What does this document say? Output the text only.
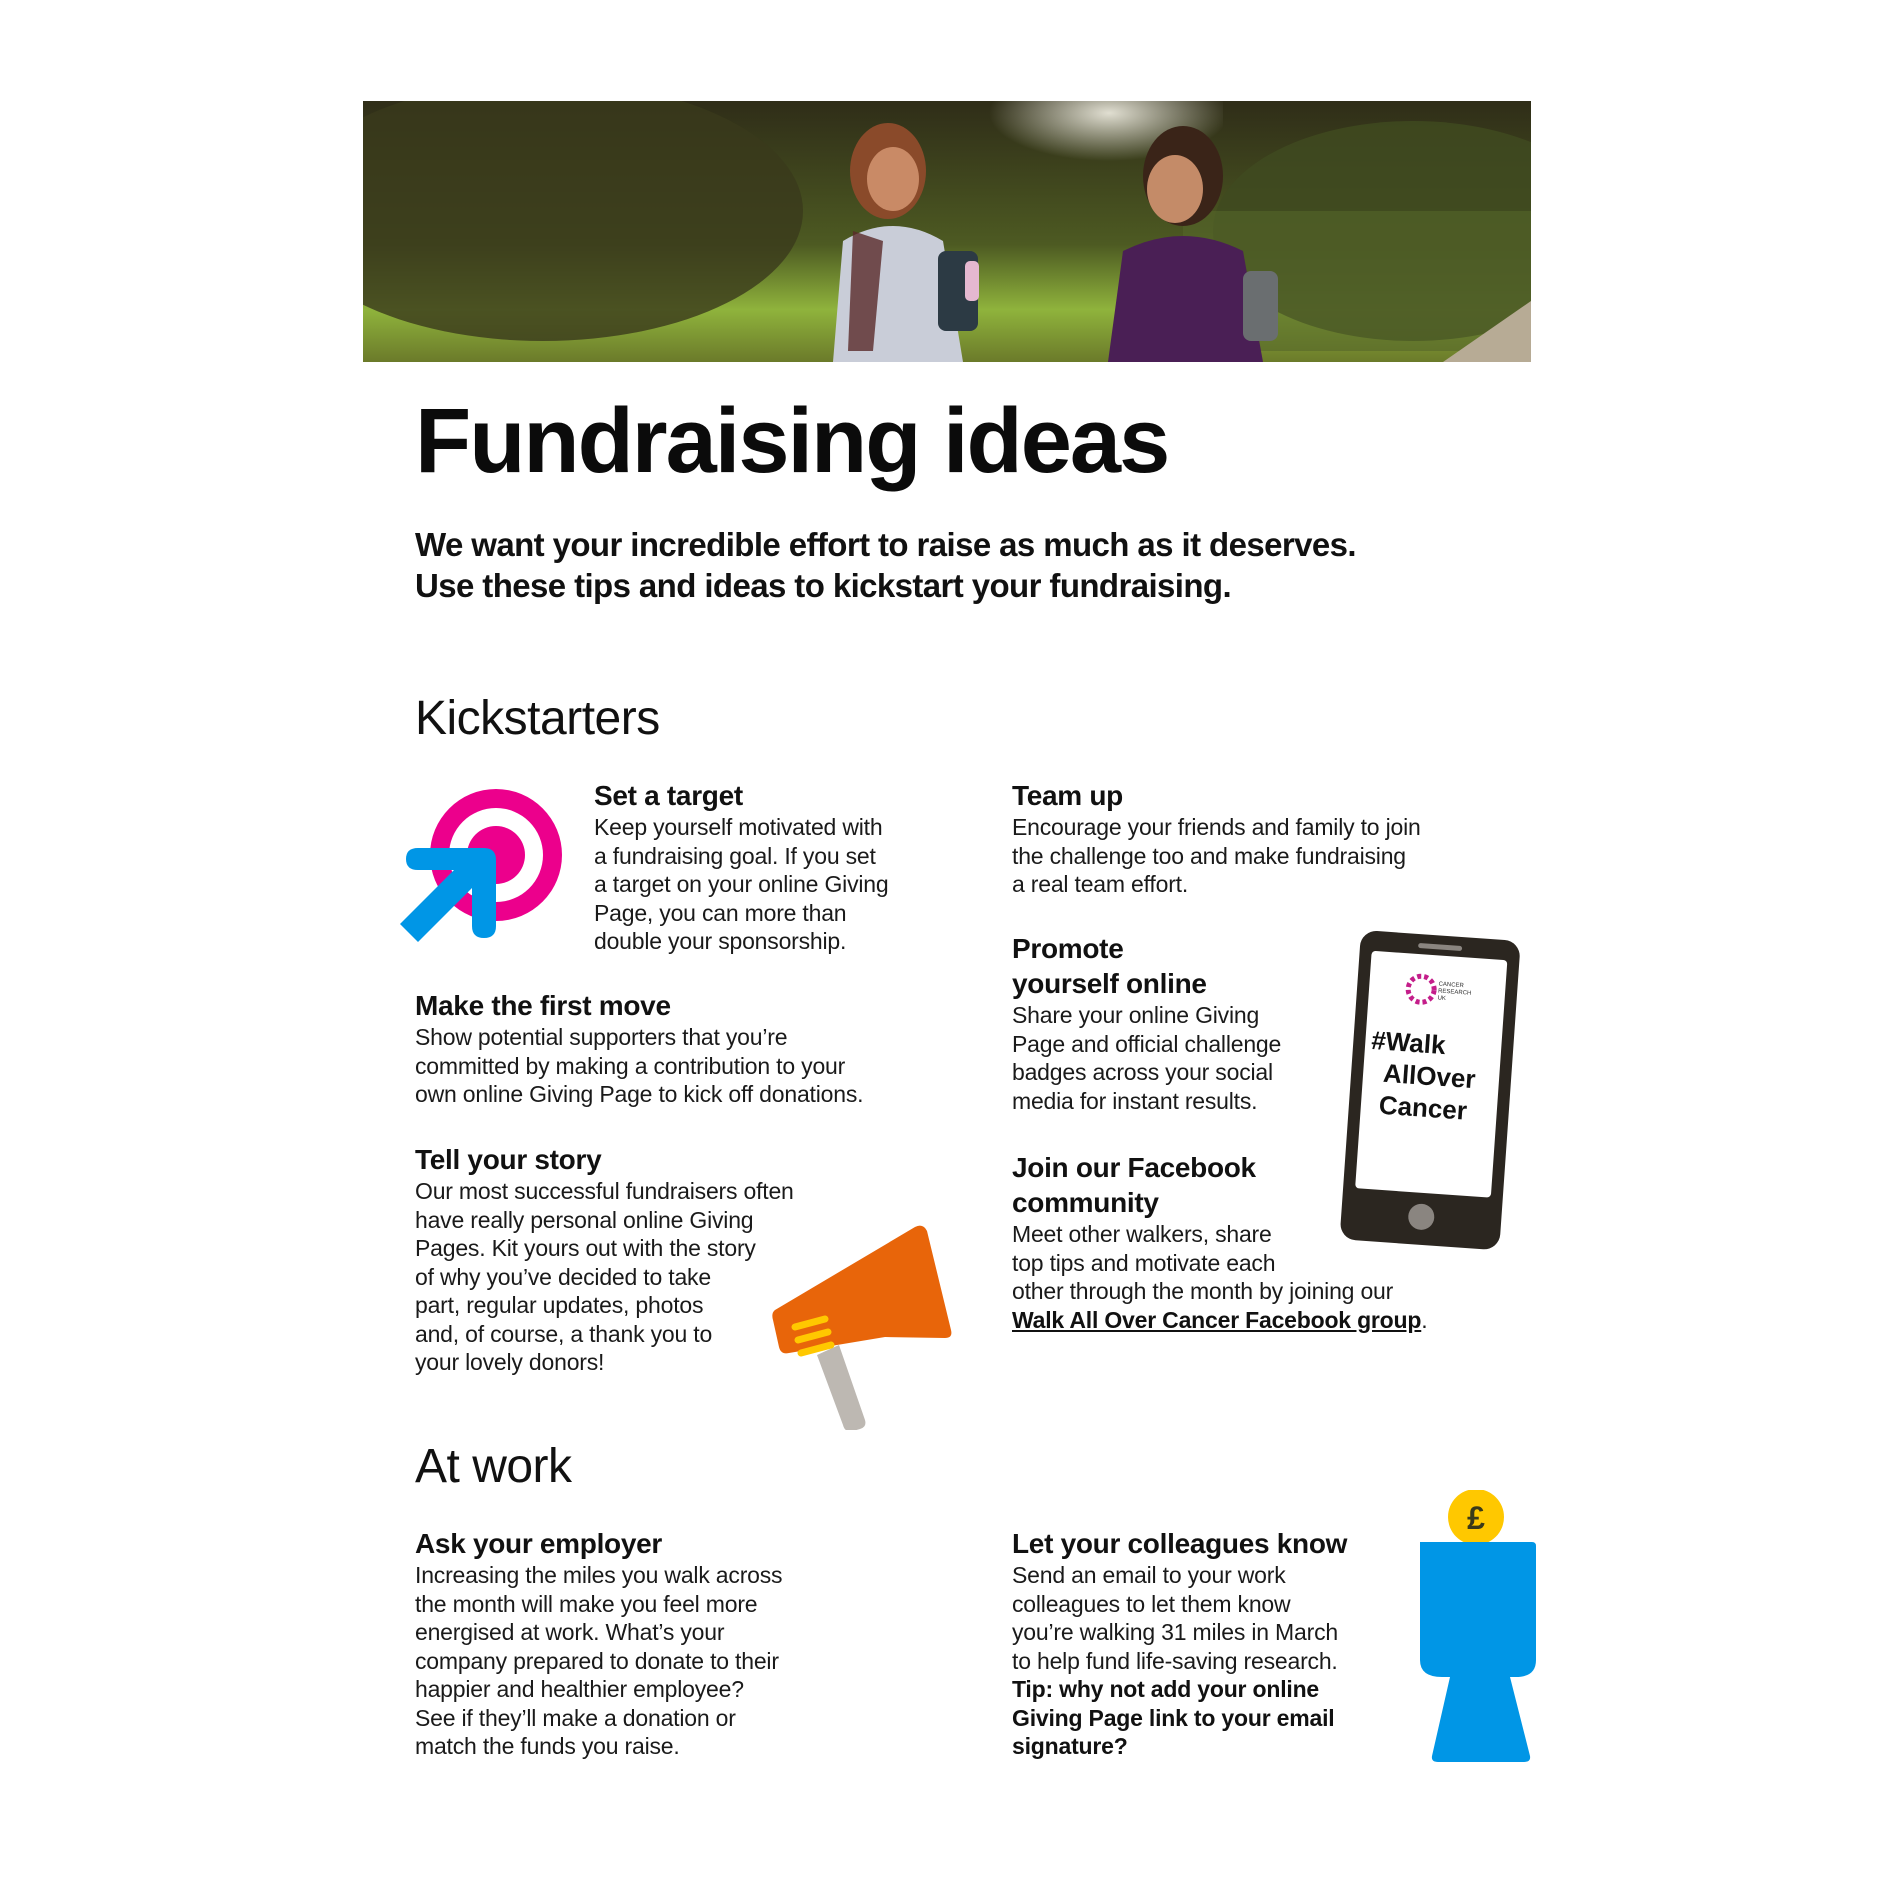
Fundraising ideas
We want your incredible effort to raise as much as it deserves.
Use these tips and ideas to kickstart your fundraising.
Kickstarters
Set a target
Keep yourself motivated with
a fundraising goal. If you set
a target on your online Giving
Page, you can more than
double your sponsorship.
Make the first move
Show potential supporters that you’re
committed by making a contribution to your
own online Giving Page to kick off donations.
Tell your story
Our most successful fundraisers often
have really personal online Giving
Pages. Kit yours out with the story
of why you’ve decided to take
part, regular updates, photos
and, of course, a thank you to
your lovely donors!
Team up
Encourage your friends and family to join
the challenge too and make fundraising
a real team effort.
Promote
yourself online
Share your online Giving
Page and official challenge
badges across your social
media for instant results.
CANCER
RESEARCH
UK
#Walk
AllOver
Cancer
Join our Facebook
community
Meet other walkers, share
top tips and motivate each
other through the month by joining our
Walk All Over Cancer Facebook group.
At work
Ask your employer
Increasing the miles you walk across
the month will make you feel more
energised at work. What’s your
company prepared to donate to their
happier and healthier employee?
See if they’ll make a donation or
match the funds you raise.
Let your colleagues know
Send an email to your work
colleagues to let them know
you’re walking 31 miles in March
to help fund life-saving research.
Tip: why not add your online
Giving Page link to your email
signature?
£
